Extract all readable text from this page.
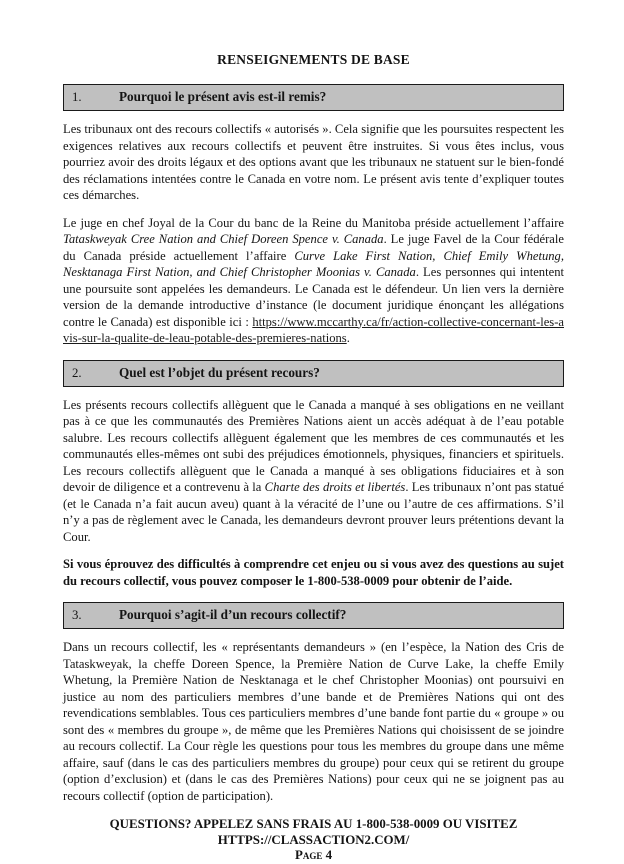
RENSEIGNEMENTS DE BASE
1.	Pourquoi le présent avis est-il remis?

Les tribunaux ont des recours collectifs « autorisés ». Cela signifie que les poursuites respectent les exigences relatives aux recours collectifs et peuvent être instruites. Si vous êtes inclus, vous pourriez avoir des droits légaux et des options avant que les tribunaux ne statuent sur le bien-fondé des réclamations intentées contre le Canada en votre nom. Le présent avis tente d’expliquer toutes ces démarches.

Le juge en chef Joyal de la Cour du banc de la Reine du Manitoba préside actuellement l’affaire Tataskweyak Cree Nation and Chief Doreen Spence v. Canada. Le juge Favel de la Cour fédérale du Canada préside actuellement l’affaire Curve Lake First Nation, Chief Emily Whetung, Nesktanaga First Nation, and Chief Christopher Moonias v. Canada. Les personnes qui intentent une poursuite sont appelées les demandeurs. Le Canada est le défendeur. Un lien vers la dernière version de la demande introductive d’instance (le document juridique énonçant les allégations contre le Canada) est disponible ici : https://www.mccarthy.ca/fr/action-collective-concernant-les-avis-sur-la-qualite-de-leau-potable-des-premieres-nations.

2.	Quel est l’objet du présent recours?

Les présents recours collectifs allèguent que le Canada a manqué à ses obligations en ne veillant pas à ce que les communautés des Premières Nations aient un accès adéquat à de l’eau potable salubre. Les recours collectifs allèguent également que les membres de ces communautés et les communautés elles-mêmes ont subi des préjudices émotionnels, physiques, financiers et spirituels. Les recours collectifs allèguent que le Canada a manqué à ses obligations fiduciaires et à son devoir de diligence et a contrevenu à la Charte des droits et libertés. Les tribunaux n’ont pas statué (et le Canada n’a fait aucun aveu) quant à la véracité de l’une ou l’autre de ces affirmations. S’il n’y a pas de règlement avec le Canada, les demandeurs devront prouver leurs prétentions devant la Cour.

Si vous éprouvez des difficultés à comprendre cet enjeu ou si vous avez des questions au sujet du recours collectif, vous pouvez composer le 1-800-538-0009 pour obtenir de l’aide.

3.	Pourquoi s’agit-il d’un recours collectif?

Dans un recours collectif, les « représentants demandeurs » (en l’espèce, la Nation des Cris de Tataskweyak, la cheffe Doreen Spence, la Première Nation de Curve Lake, la cheffe Emily Whetung, la Première Nation de Nesktanaga et le chef Christopher Moonias) ont poursuivi en justice au nom des particuliers membres d’une bande et de Premières Nations qui ont des revendications semblables. Tous ces particuliers membres d’une bande font partie du « groupe » ou sont des « membres du groupe », de même que les Premières Nations qui choisissent de se joindre au recours collectif. La Cour règle les questions pour tous les membres du groupe dans une même affaire, sauf (dans le cas des particuliers membres du groupe) pour ceux qui se retirent du groupe (option d’exclusion) et (dans le cas des Premières Nations) pour ceux qui ne se joignent pas au recours collectif (option de participation).

QUESTIONS? APPELEZ SANS FRAIS AU 1-800-538-0009 OU VISITEZ
HTTPS://CLASSACTION2.COM/
Page 4
